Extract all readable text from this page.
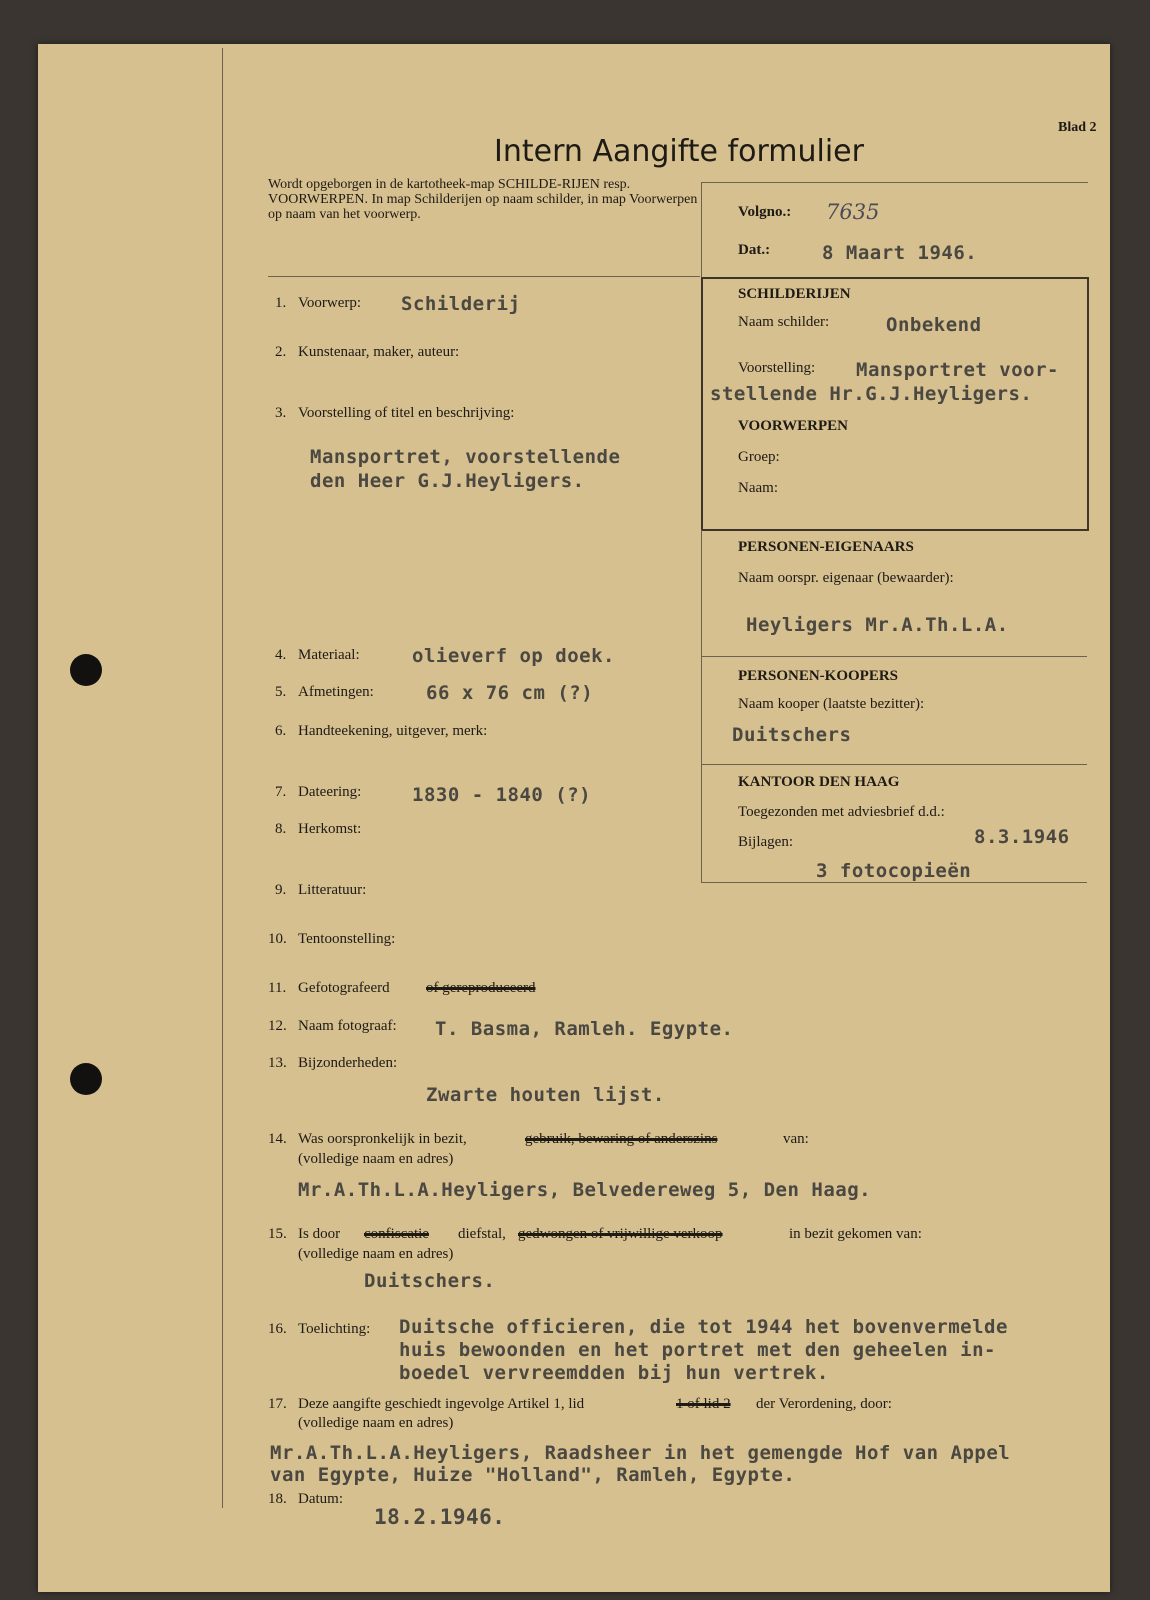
Blad 2
Intern Aangifte formulier
Wordt opgeborgen in de kartotheek-map SCHILDE-RIJEN resp. VOORWERPEN. In map Schilderijen op naam schilder, in map Voorwerpen op naam van het voorwerp.	Volgno.: 7635
Dat.:	8 Maart 1946.
SCHILDERIJEN
Naam schilder:	Onbekend
Voorstelling: Mansportret voor-
stellende Hr.G.J.Heyligers.
VOORWERPEN
Groep:
Naam:
PERSONEN-EIGENAARS
Naam oorspr. eigenaar (bewaarder):
Heyligers Mr.A.Th.L.A.
PERSONEN-KOOPERS
Naam kooper (laatste bezitter):
Duitschers
KANTOOR DEN HAAG
Toegezonden met adviesbrief d.d.:
8.3.1946
Bijlagen:
3 fotocopieën
1. Voorwerp: Schilderij
2. Kunstenaar, maker, auteur:
3. Voorstelling of titel en beschrijving:
Mansportret, voorstellende
den Heer G.J.Heyligers.
4. Materiaal:	olieverf op doek.
5. Afmetingen:	66 x 76 cm (?)
6. Handteekening, uitgever, merk:
7. Dateering:	1830 - 1840 (?)
8. Herkomst:
9. Litteratuur:
10. Tentoonstelling:
11. Gefotografeerd of gereproduceerd
12. Naam fotograaf: T. Basma, Ramleh. Egypte.
13. Bijzonderheden:
Zwarte houten lijst.
14. Was oorspronkelijk in bezit,	gebruik, bewaring of anderszins	van:
(volledige naam en adres)
Mr.A.Th.L.A.Heyligers, Belvedereweg 5, Den Haag.
15. Is door confiscatie diefstal, gedwongen of vrijwillige verkoop	in bezit gekomen van:
(volledige naam en adres)
Duitschers.
16. Toelichting: Duitsche officieren, die tot 1944 het bovenvermelde
huis bewoonden en het portret met den geheelen in-
boedel vervreemdden bij hun vertrek.
17. Deze aangifte geschiedt ingevolge Artikel 1, lid	1 of lid 2 der Verordening, door:
(volledige naam en adres)
Mr.A.Th.L.A.Heyligers, Raadsheer in het gemengde Hof van Appel
van Egypte, Huize "Holland", Ramleh, Egypte.
18. Datum:
18.2.1946.
